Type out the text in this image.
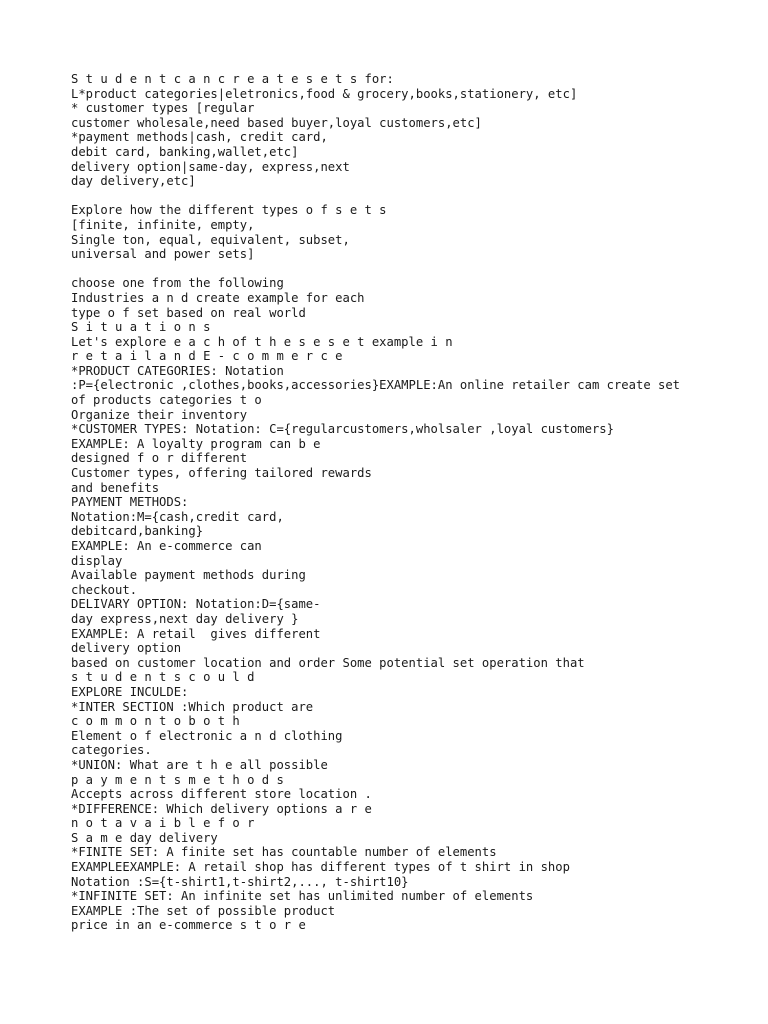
S t u d e n t c a n c r e a t e s e t s for:
L*product categories|eletronics,food & grocery,books,stationery, etc]
* customer types [regular
customer wholesale,need based buyer,loyal customers,etc]
*payment methods|cash, credit card,
debit card, banking,wallet,etc]
delivery option|same-day, express,next
day delivery,etc]
Explore how the different types o f s e t s
[finite, infinite, empty,
Single ton, equal, equivalent, subset,
universal and power sets]
choose one from the following
Industries a n d create example for each
type o f set based on real world
S i t u a t i o n s
Let's explore e a c h of t h e s e s e t example i n
r e t a i l a n d E - c o m m e r c e
*PRODUCT CATEGORIES: Notation
:P={electronic ,clothes,books,accessories}EXAMPLE:An online retailer cam create set
of products categories t o
Organize their inventory
*CUSTOMER TYPES: Notation: C={regularcustomers,wholsaler ,loyal customers}
EXAMPLE: A loyalty program can b e
designed f o r different
Customer types, offering tailored rewards
and benefits
PAYMENT METHODS:
Notation:M={cash,credit card,
debitcard,banking}
EXAMPLE: An e-commerce can
display
Available payment methods during
checkout.
DELIVARY OPTION: Notation:D={same-
day express,next day delivery }
EXAMPLE: A retail  gives different
delivery option
based on customer location and order Some potential set operation that
s t u d e n t s c o u l d
EXPLORE INCULDE:
*INTER SECTION :Which product are
c o m m o n t o b o t h
Element o f electronic a n d clothing
categories.
*UNION: What are t h e all possible
p a y m e n t s m e t h o d s
Accepts across different store location .
*DIFFERENCE: Which delivery options a r e
n o t a v a i b l e f o r
S a m e day delivery
*FINITE SET: A finite set has countable number of elements
EXAMPLEEXAMPLE: A retail shop has different types of t shirt in shop
Notation :S={t-shirt1,t-shirt2,..., t-shirt10}
*INFINITE SET: An infinite set has unlimited number of elements
EXAMPLE :The set of possible product
price in an e-commerce s t o r e
